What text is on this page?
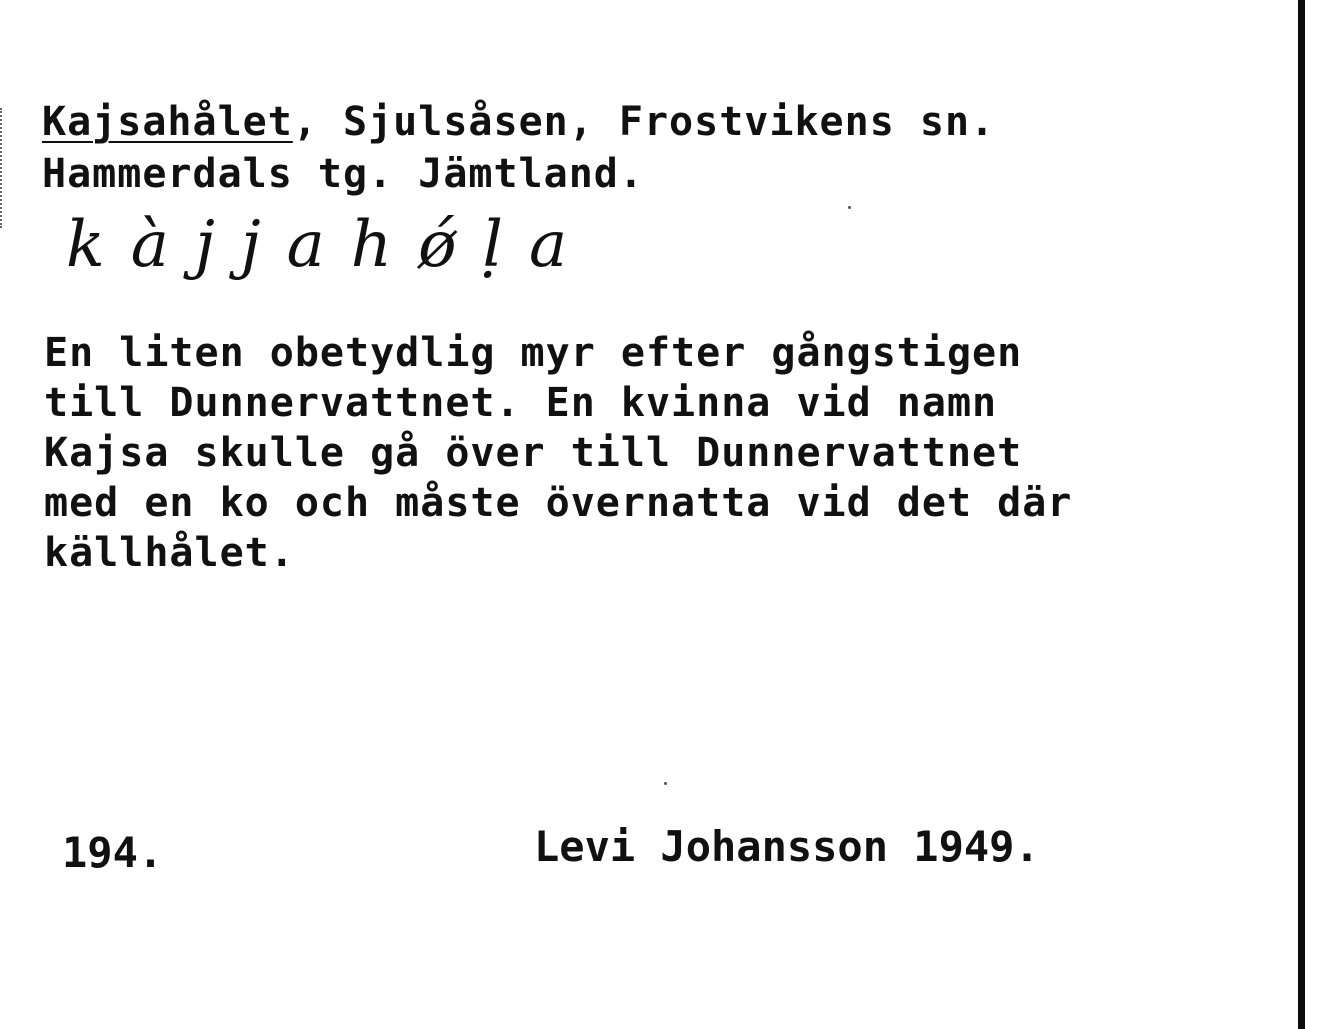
Kajsahålet, Sjulsåsen, Frostvikens sn.
Hammerdals tg. Jämtland.
kàjjahǿḷa
En liten obetydlig myr efter gångstigen
till Dunnervattnet. En kvinna vid namn
Kajsa skulle gå över till Dunnervattnet
med en ko och måste övernatta vid det där
källhålet.
194.	Levi Johansson 1949.
